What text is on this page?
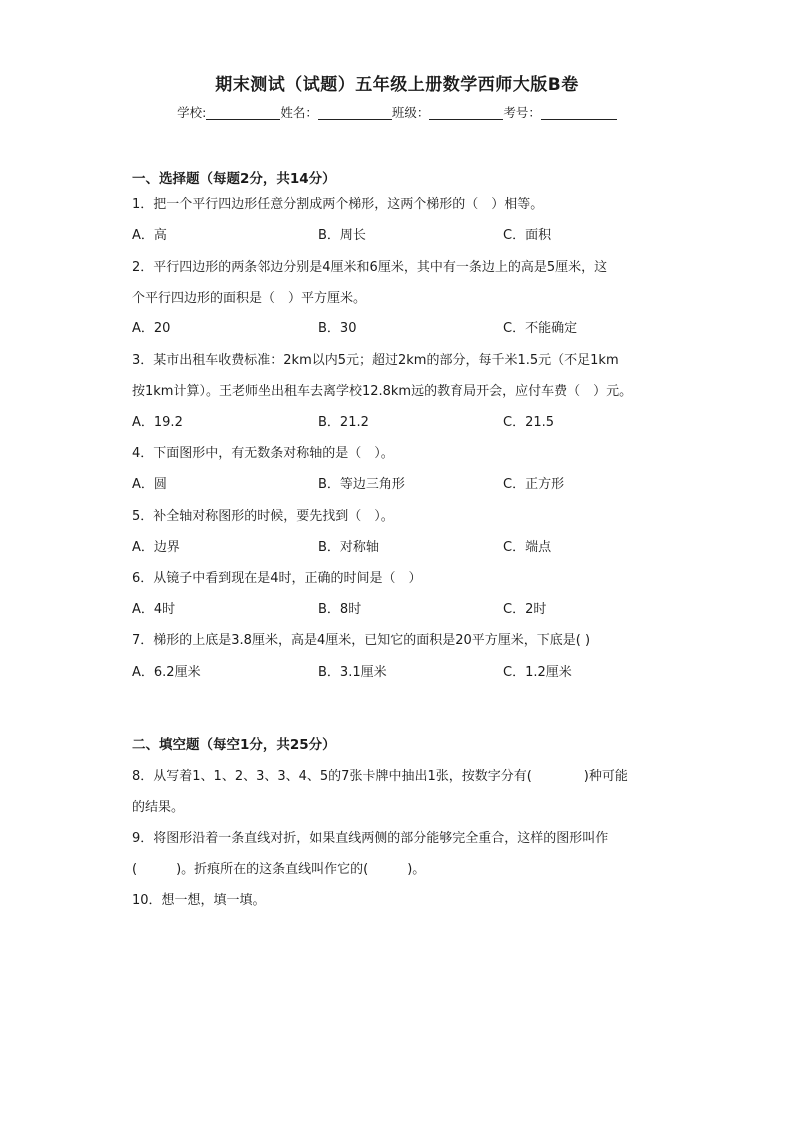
期末测试（试题）五年级上册数学西师大版B卷
学校:	姓名：	班级：	考号：
一、选择题（每题2分，共14分）
1．把一个平行四边形任意分割成两个梯形，这两个梯形的（　）相等。
A．高	B．周长	C．面积
2．平行四边形的两条邻边分别是4厘米和6厘米，其中有一条边上的高是5厘米，这
个平行四边形的面积是（　）平方厘米。
A．20	B．30	C．不能确定
3．某市出租车收费标准：2km以内5元；超过2km的部分，每千米1.5元（不足1km
按1km计算）。王老师坐出租车去离学校12.8km远的教育局开会，应付车费（　）元。
A．19.2	B．21.2	C．21.5
4．下面图形中，有无数条对称轴的是（　）。
A．圆	B．等边三角形	C．正方形
5．补全轴对称图形的时候，要先找到（　）。
A．边界	B．对称轴	C．端点
6．从镜子中看到现在是4时，正确的时间是（　）
A．4时	B．8时	C．2时
7．梯形的上底是3.8厘米，高是4厘米，已知它的面积是20平方厘米，下底是( )
A．6.2厘米	B．3.1厘米	C．1.2厘米
二、填空题（每空1分，共25分）
8．从写着1、1、2、3、3、4、5的7张卡牌中抽出1张，按数字分有(　　　　)种可能
的结果。
9．将图形沿着一条直线对折，如果直线两侧的部分能够完全重合，这样的图形叫作
(　　　)。折痕所在的这条直线叫作它的(　　　)。
10．想一想，填一填。
